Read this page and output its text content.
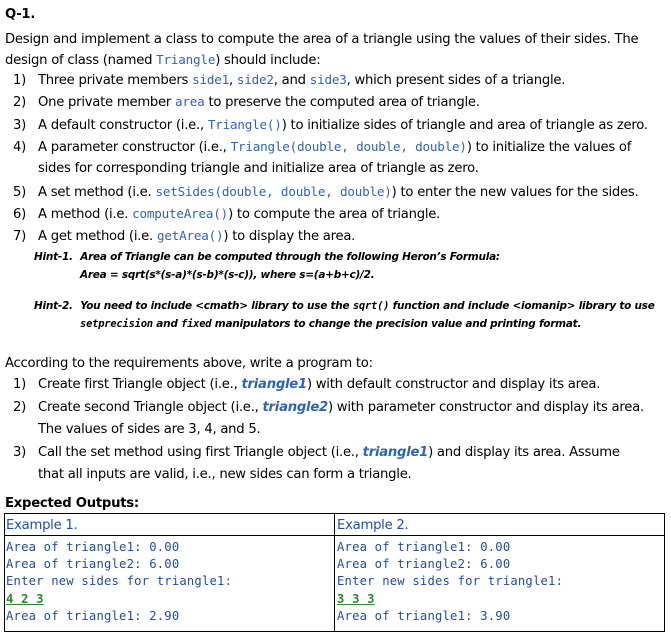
Q-1.
Design and implement a class to compute the area of a triangle using the values of their sides. The
design of class (named Triangle) should include:
1) Three private members side1, side2, and side3, which present sides of a triangle.
2) One private member area to preserve the computed area of triangle.
3) A default constructor (i.e., Triangle()) to initialize sides of triangle and area of triangle as zero.
4) A parameter constructor (i.e., Triangle(double, double, double)) to initialize the values of
sides for corresponding triangle and initialize area of triangle as zero.
5) A set method (i.e. setSides(double, double, double)) to enter the new values for the sides.
6) A method (i.e. computeArea()) to compute the area of triangle.
7) A get method (i.e. getArea()) to display the area.
Hint-1. Area of Triangle can be computed through the following Heron’s Formula:
Area = sqrt(s*(s-a)*(s-b)*(s-c)), where s=(a+b+c)/2.
Hint-2. You need to include <cmath> library to use the sqrt() function and include <iomanip> library to use
setprecision and fixed manipulators to change the precision value and printing format.
According to the requirements above, write a program to:
1) Create first Triangle object (i.e., triangle1) with default constructor and display its area.
2) Create second Triangle object (i.e., triangle2) with parameter constructor and display its area.
The values of sides are 3, 4, and 5.
3) Call the set method using first Triangle object (i.e., triangle1) and display its area. Assume
that all inputs are valid, i.e., new sides can form a triangle.
Expected Outputs:
Example 1.
Area of triangle1: 0.00
Area of triangle2: 6.00
Enter new sides for triangle1:
4 2 3
Area of triangle1: 2.90
Example 2.
Area of triangle1: 0.00
Area of triangle2: 6.00
Enter new sides for triangle1:
3 3 3
Area of triangle1: 3.90
